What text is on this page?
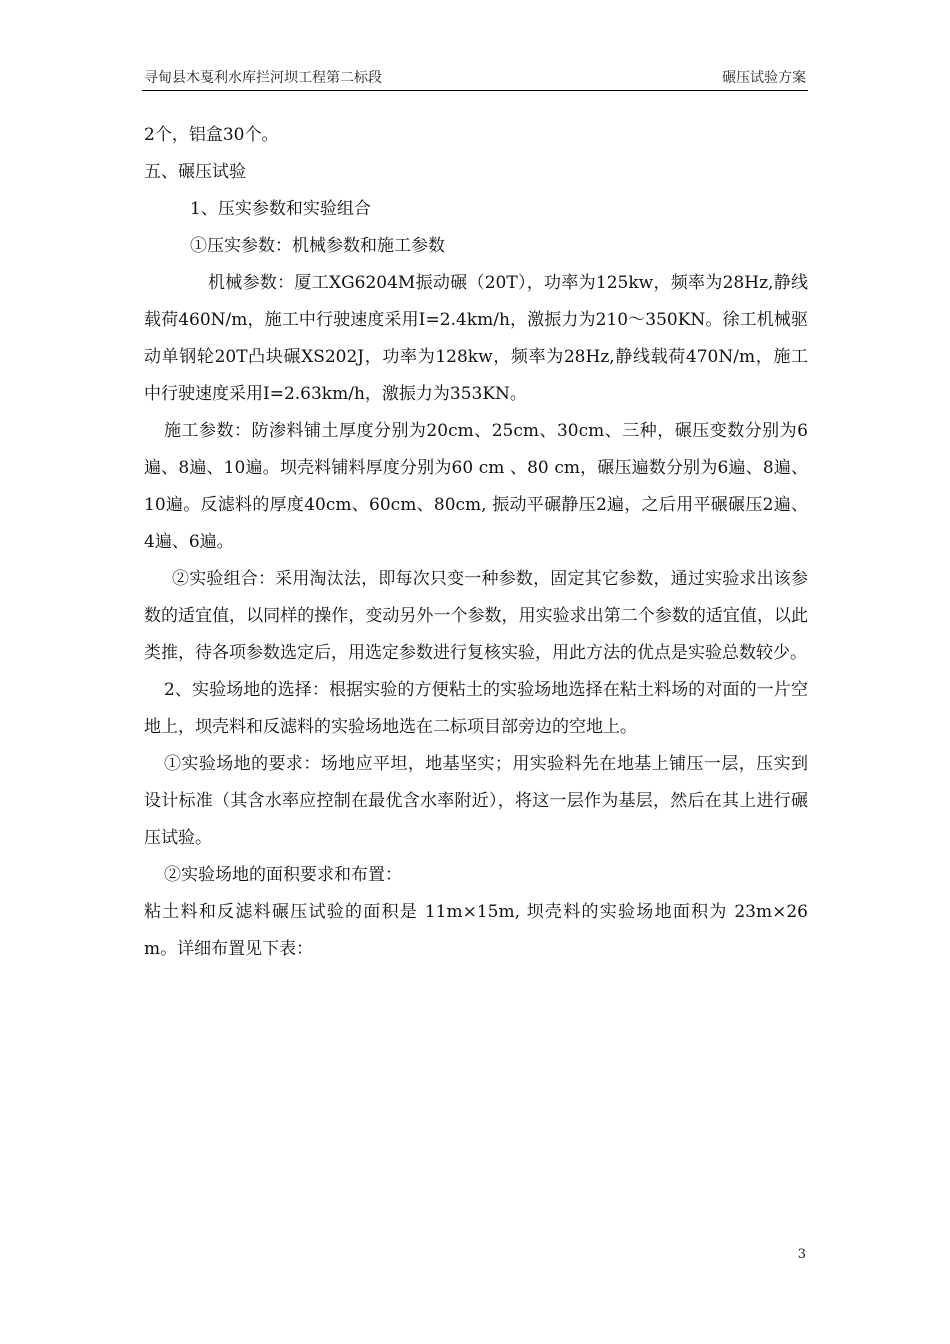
寻甸县木戛利水库拦河坝工程第二标段	碾压试验方案

2个，铝盒30个。

五、碾压试验

1、压实参数和实验组合

①压实参数：机械参数和施工参数

机械参数：厦工XG6204M振动碾（20T），功率为125kw，频率为28Hz,静线载荷460N/m，施工中行驶速度采用Ⅰ=2.4km/h，激振力为210～350KN。徐工机械驱动单钢轮20T凸块碾XS202J，功率为128kw，频率为28Hz,静线载荷470N/m，施工中行驶速度采用Ⅰ=2.63km/h，激振力为353KN。

施工参数：防渗料铺土厚度分别为20cm、25cm、30cm、三种，碾压变数分别为6遍、8遍、10遍。坝壳料铺料厚度分别为60 cm 、80 cm，碾压遍数分别为6遍、8遍、10遍。反滤料的厚度40cm、60cm、80cm, 振动平碾静压2遍，之后用平碾碾压2遍、4遍、6遍。

②实验组合：采用淘汰法，即每次只变一种参数，固定其它参数，通过实验求出该参数的适宜值，以同样的操作，变动另外一个参数，用实验求出第二个参数的适宜值，以此类推，待各项参数选定后，用选定参数进行复核实验，用此方法的优点是实验总数较少。

2、实验场地的选择：根据实验的方便粘土的实验场地选择在粘土料场的对面的一片空地上，坝壳料和反滤料的实验场地选在二标项目部旁边的空地上。

①实验场地的要求：场地应平坦，地基坚实；用实验料先在地基上铺压一层，压实到设计标准（其含水率应控制在最优含水率附近），将这一层作为基层，然后在其上进行碾压试验。

②实验场地的面积要求和布置：

粘土料和反滤料碾压试验的面积是 11m×15m, 坝壳料的实验场地面积为 23m×26 m。详细布置见下表：

3
